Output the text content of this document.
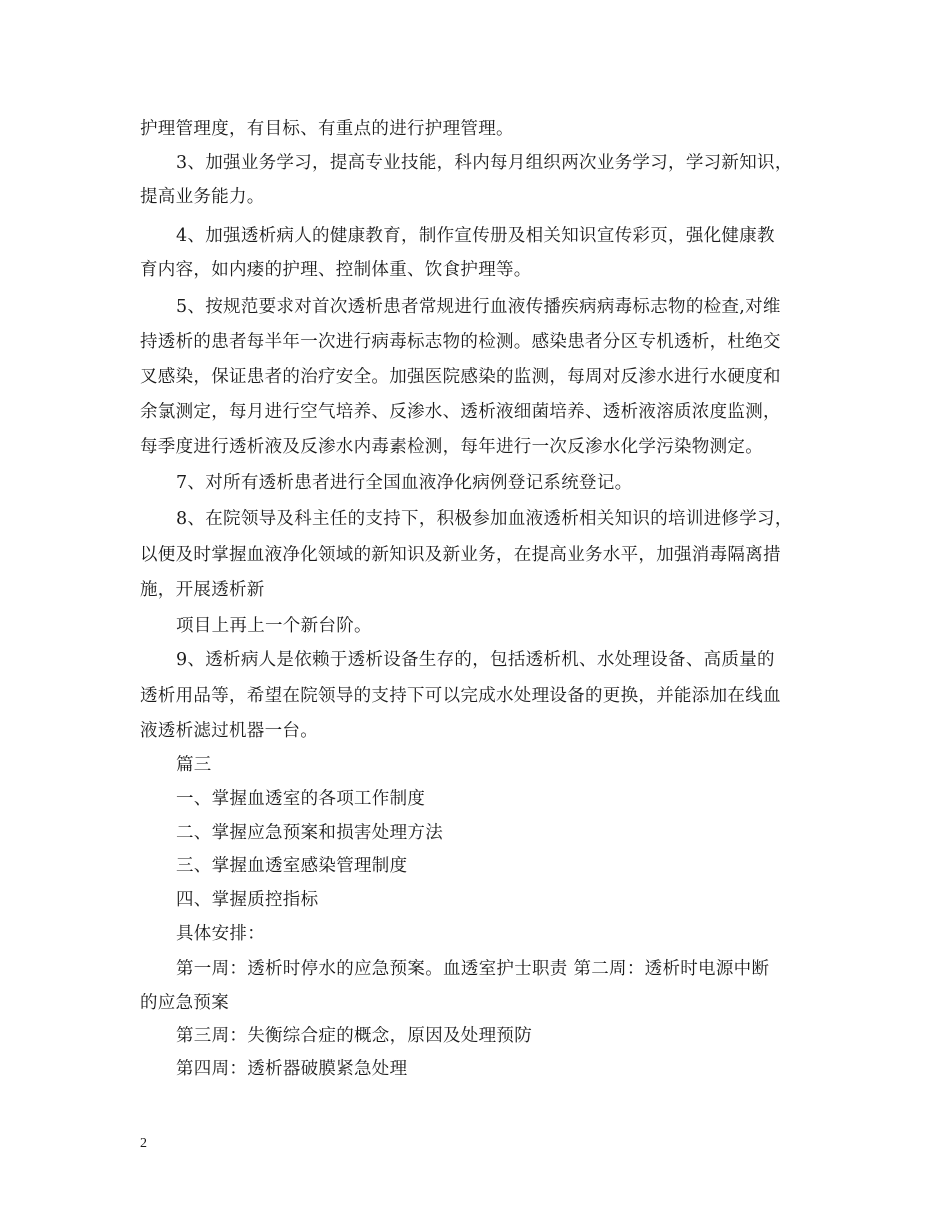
护理管理度，有目标、有重点的进行护理管理。
3、加强业务学习，提高专业技能，科内每月组织两次业务学习，学习新知识，
提高业务能力。
4、加强透析病人的健康教育，制作宣传册及相关知识宣传彩页，强化健康教
育内容，如内瘘的护理、控制体重、饮食护理等。
5、按规范要求对首次透析患者常规进行血液传播疾病病毒标志物的检查,对维
持透析的患者每半年一次进行病毒标志物的检测。感染患者分区专机透析，杜绝交
叉感染，保证患者的治疗安全。加强医院感染的监测，每周对反渗水进行水硬度和
余氯测定，每月进行空气培养、反渗水、透析液细菌培养、透析液溶质浓度监测，
每季度进行透析液及反渗水内毒素检测，每年进行一次反渗水化学污染物测定。
7、对所有透析患者进行全国血液净化病例登记系统登记。
8、在院领导及科主任的支持下，积极参加血液透析相关知识的培训进修学习，
以便及时掌握血液净化领域的新知识及新业务，在提高业务水平，加强消毒隔离措
施，开展透析新
项目上再上一个新台阶。
9、透析病人是依赖于透析设备生存的，包括透析机、水处理设备、高质量的
透析用品等，希望在院领导的支持下可以完成水处理设备的更换，并能添加在线血
液透析滤过机器一台。
篇三
一、掌握血透室的各项工作制度
二、掌握应急预案和损害处理方法
三、掌握血透室感染管理制度
四、掌握质控指标
具体安排：
第一周：透析时停水的应急预案。血透室护士职责 第二周：透析时电源中断
的应急预案
第三周：失衡综合症的概念，原因及处理预防
第四周：透析器破膜紧急处理
2
